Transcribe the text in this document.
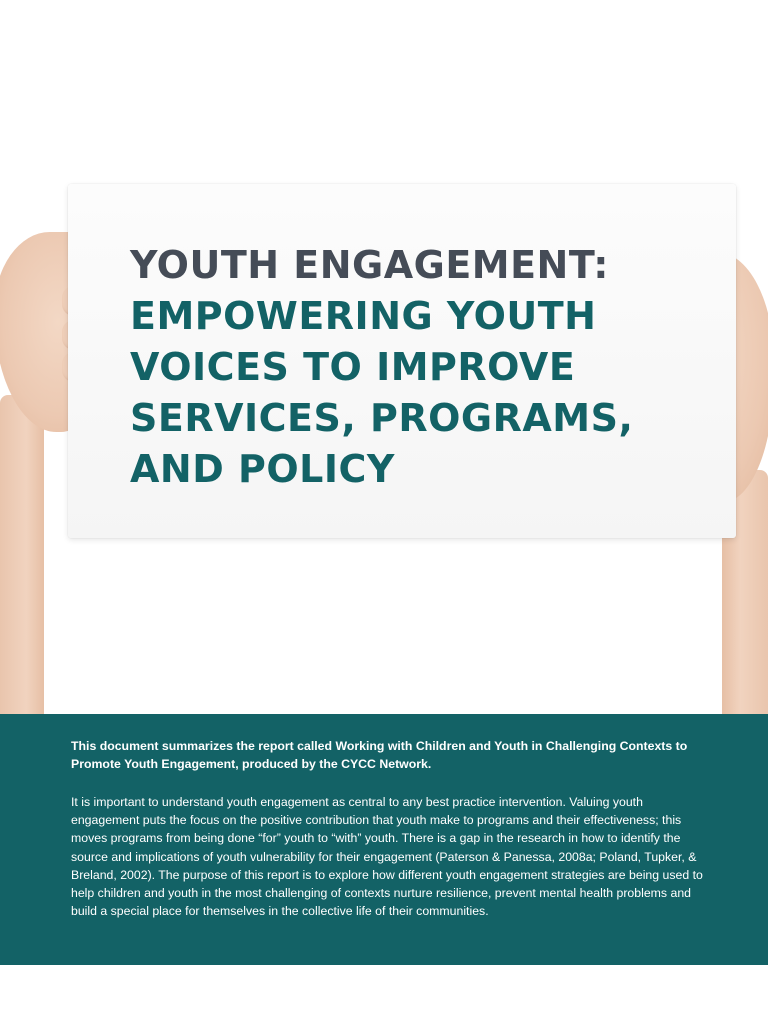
YOUTH ENGAGEMENT:
EMPOWERING YOUTH
VOICES TO IMPROVE
SERVICES, PROGRAMS,
AND POLICY

This document summarizes the report called Working with Children and Youth in Challenging Contexts to Promote Youth Engagement, produced by the CYCC Network.

It is important to understand youth engagement as central to any best practice intervention. Valuing youth engagement puts the focus on the positive contribution that youth make to programs and their effectiveness; this moves programs from being done “for” youth to “with” youth. There is a gap in the research in how to identify the source and implications of youth vulnerability for their engagement (Paterson & Panessa, 2008a; Poland, Tupker, & Breland, 2002). The purpose of this report is to explore how different youth engagement strategies are being used to help children and youth in the most challenging of contexts nurture resilience, prevent mental health problems and build a special place for themselves in the collective life of their communities.
